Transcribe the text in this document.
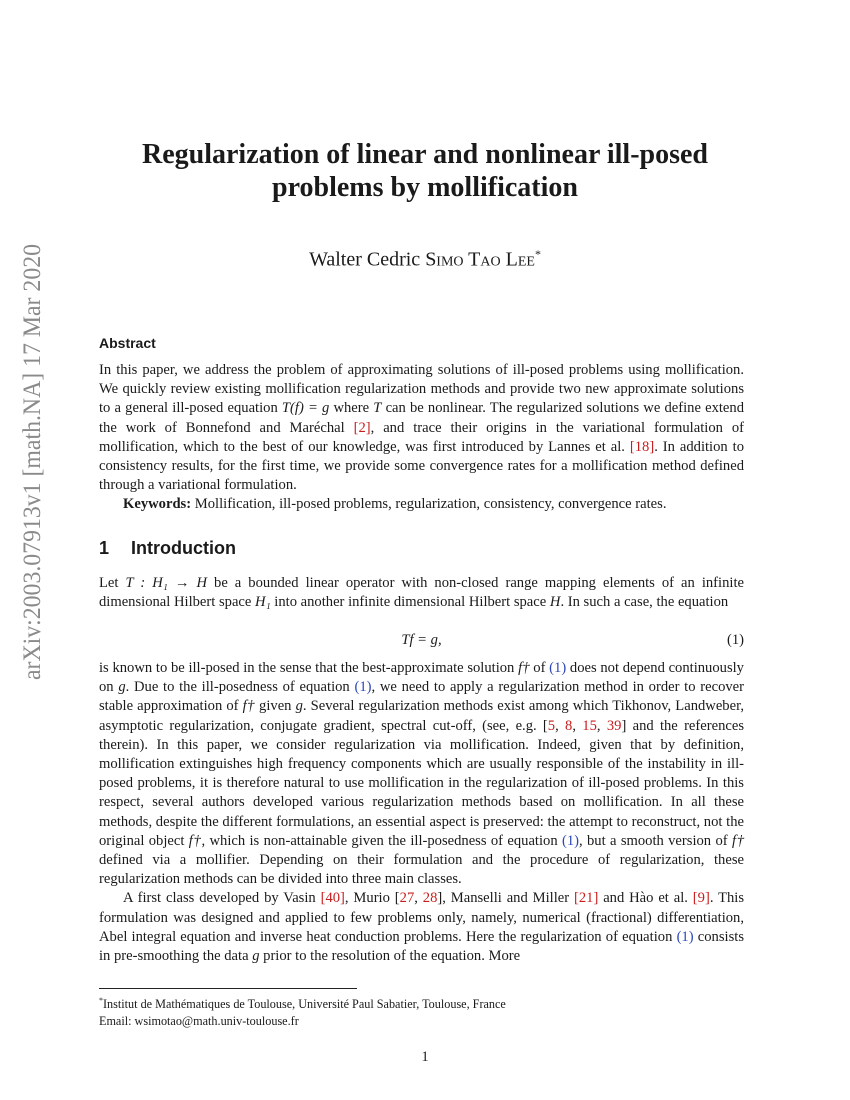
arXiv:2003.07913v1 [math.NA] 17 Mar 2020
Regularization of linear and nonlinear ill-posed
problems by mollification
Walter Cedric Simo Tao Lee*
Abstract

In this paper, we address the problem of approximating solutions of ill-posed problems using mollification. We quickly review existing mollification regularization methods and provide two new approximate solutions to a general ill-posed equation T(f) = g where T can be nonlinear. The regularized solutions we define extend the work of Bonnefond and Maréchal [2], and trace their origins in the variational formulation of mollification, which to the best of our knowledge, was first introduced by Lannes et al. [18]. In addition to consistency results, for the first time, we provide some convergence rates for a mollification method defined through a variational formulation.

Keywords: Mollification, ill-posed problems, regularization, consistency, convergence rates.

1 Introduction

Let T : H₁ → H be a bounded linear operator with non-closed range mapping elements of an infinite dimensional Hilbert space H₁ into another infinite dimensional Hilbert space H. In such a case, the equation

Tf = g,	(1)

is known to be ill-posed in the sense that the best-approximate solution f† of (1) does not depend continuously on g. Due to the ill-posedness of equation (1), we need to apply a regularization method in order to recover stable approximation of f† given g. Several regularization methods exist among which Tikhonov, Landweber, asymptotic regularization, conjugate gradient, spectral cut-off, (see, e.g. [5, 8, 15, 39] and the references therein). In this paper, we consider regularization via mollification. Indeed, given that by definition, mollification extinguishes high frequency components which are usually responsible of the instability in ill-posed problems, it is therefore natural to use mollification in the regularization of ill-posed problems. In this respect, several authors developed various regularization methods based on mollification. In all these methods, despite the different formulations, an essential aspect is preserved: the attempt to reconstruct, not the original object f†, which is non-attainable given the ill-posedness of equation (1), but a smooth version of f† defined via a mollifier. Depending on their formulation and the procedure of regularization, these regularization methods can be divided into three main classes.

A first class developed by Vasin [40], Murio [27, 28], Manselli and Miller [21] and Hào et al. [9]. This formulation was designed and applied to few problems only, namely, numerical (fractional) differentiation, Abel integral equation and inverse heat conduction problems. Here the regularization of equation (1) consists in pre-smoothing the data g prior to the resolution of the equation. More

*Institut de Mathématiques de Toulouse, Université Paul Sabatier, Toulouse, France
Email: wsimotao@math.univ-toulouse.fr
1
